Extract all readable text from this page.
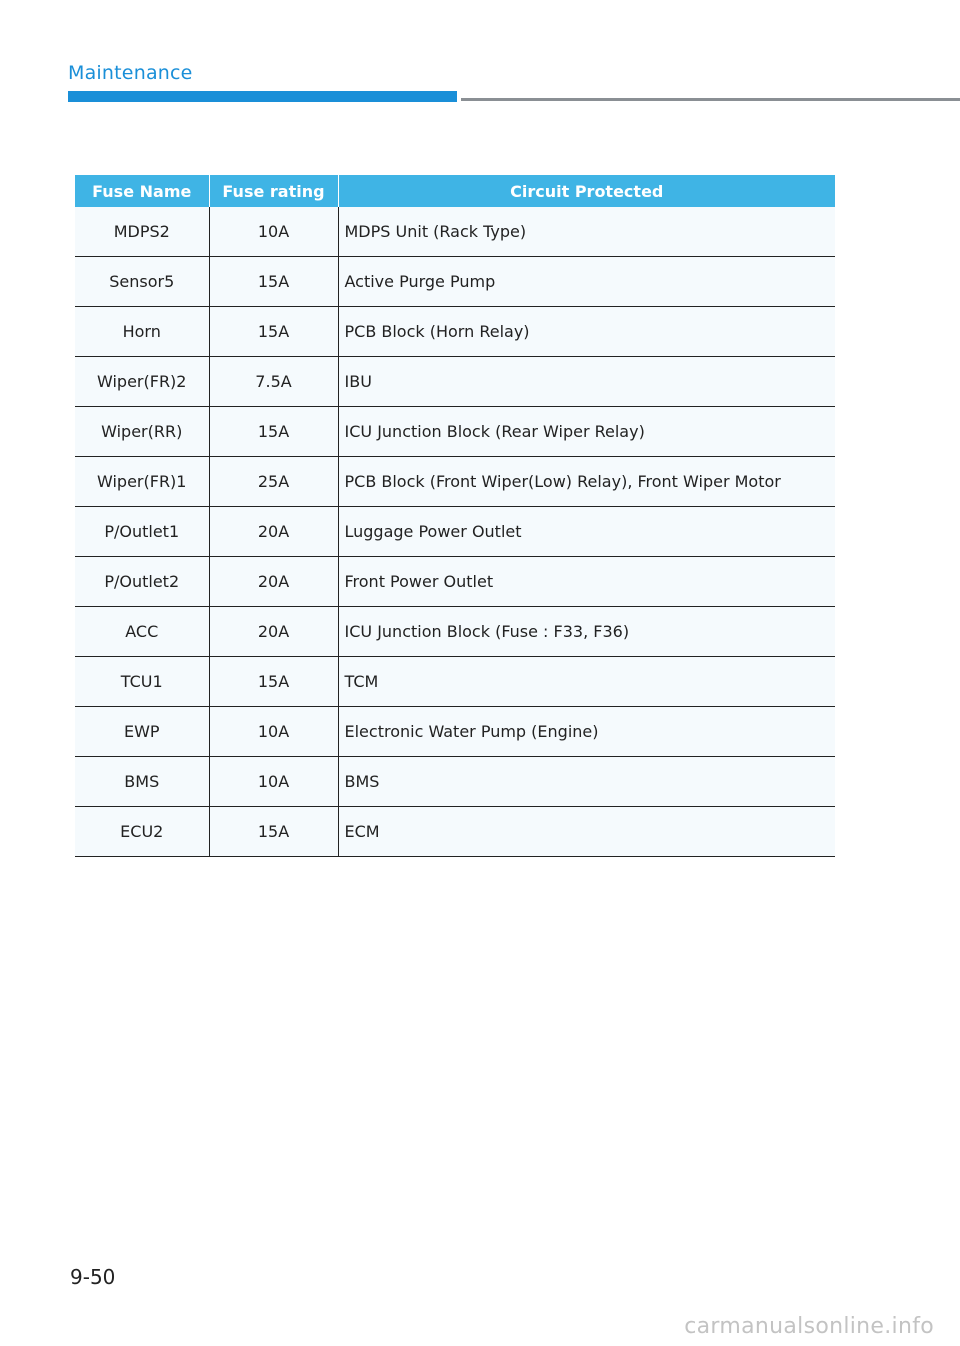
Maintenance
Fuse Name	Fuse rating	Circuit Protected
MDPS2	10A	MDPS Unit (Rack Type)
Sensor5	15A	Active Purge Pump
Horn	15A	PCB Block (Horn Relay)
Wiper(FR)2	7.5A	IBU
Wiper(RR)	15A	ICU Junction Block (Rear Wiper Relay)
Wiper(FR)1	25A	PCB Block (Front Wiper(Low) Relay), Front Wiper Motor
P/Outlet1	20A	Luggage Power Outlet
P/Outlet2	20A	Front Power Outlet
ACC	20A	ICU Junction Block (Fuse : F33, F36)
TCU1	15A	TCM
EWP	10A	Electronic Water Pump (Engine)
BMS	10A	BMS
ECU2	15A	ECM
9-50
carmanualsonline.info
